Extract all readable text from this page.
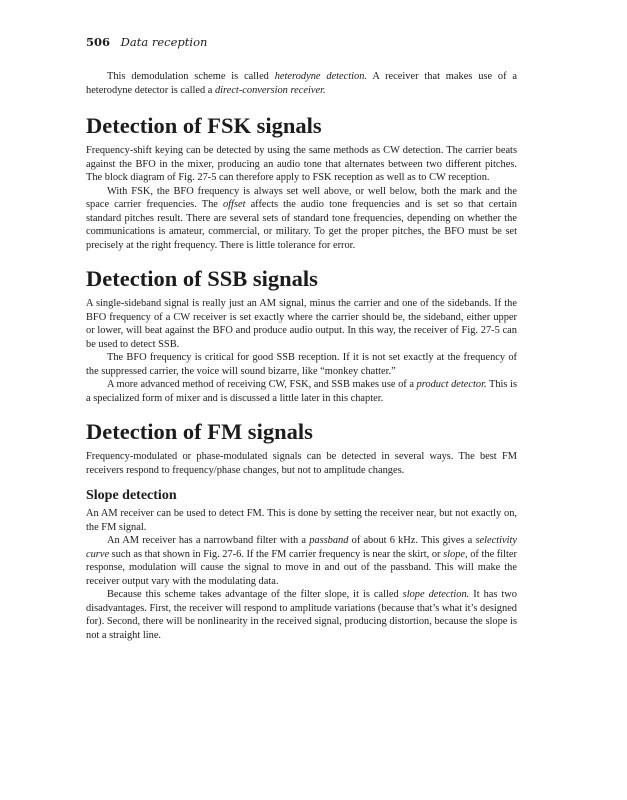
506 Data reception

This demodulation scheme is called heterodyne detection. A receiver that makes use of a heterodyne detector is called a direct-conversion receiver.

Detection of FSK signals

Frequency-shift keying can be detected by using the same methods as CW detection. The carrier beats against the BFO in the mixer, producing an audio tone that alternates between two different pitches. The block diagram of Fig. 27-5 can therefore apply to FSK reception as well as to CW reception.

With FSK, the BFO frequency is always set well above, or well below, both the mark and the space carrier frequencies. The offset affects the audio tone frequencies and is set so that certain standard pitches result. There are several sets of standard tone frequencies, depending on whether the communications is amateur, commercial, or military. To get the proper pitches, the BFO must be set precisely at the right frequency. There is little tolerance for error.

Detection of SSB signals

A single-sideband signal is really just an AM signal, minus the carrier and one of the sidebands. If the BFO frequency of a CW receiver is set exactly where the carrier should be, the sideband, either upper or lower, will beat against the BFO and produce audio output. In this way, the receiver of Fig. 27-5 can be used to detect SSB.

The BFO frequency is critical for good SSB reception. If it is not set exactly at the frequency of the suppressed carrier, the voice will sound bizarre, like “monkey chatter.”

A more advanced method of receiving CW, FSK, and SSB makes use of a product detector. This is a specialized form of mixer and is discussed a little later in this chapter.

Detection of FM signals

Frequency-modulated or phase-modulated signals can be detected in several ways. The best FM receivers respond to frequency/phase changes, but not to amplitude changes.

Slope detection

An AM receiver can be used to detect FM. This is done by setting the receiver near, but not exactly on, the FM signal.

An AM receiver has a narrowband filter with a passband of about 6 kHz. This gives a selectivity curve such as that shown in Fig. 27-6. If the FM carrier frequency is near the skirt, or slope, of the filter response, modulation will cause the signal to move in and out of the passband. This will make the receiver output vary with the modulating data.

Because this scheme takes advantage of the filter slope, it is called slope detection. It has two disadvantages. First, the receiver will respond to amplitude variations (because that’s what it’s designed for). Second, there will be nonlinearity in the received signal, producing distortion, because the slope is not a straight line.
